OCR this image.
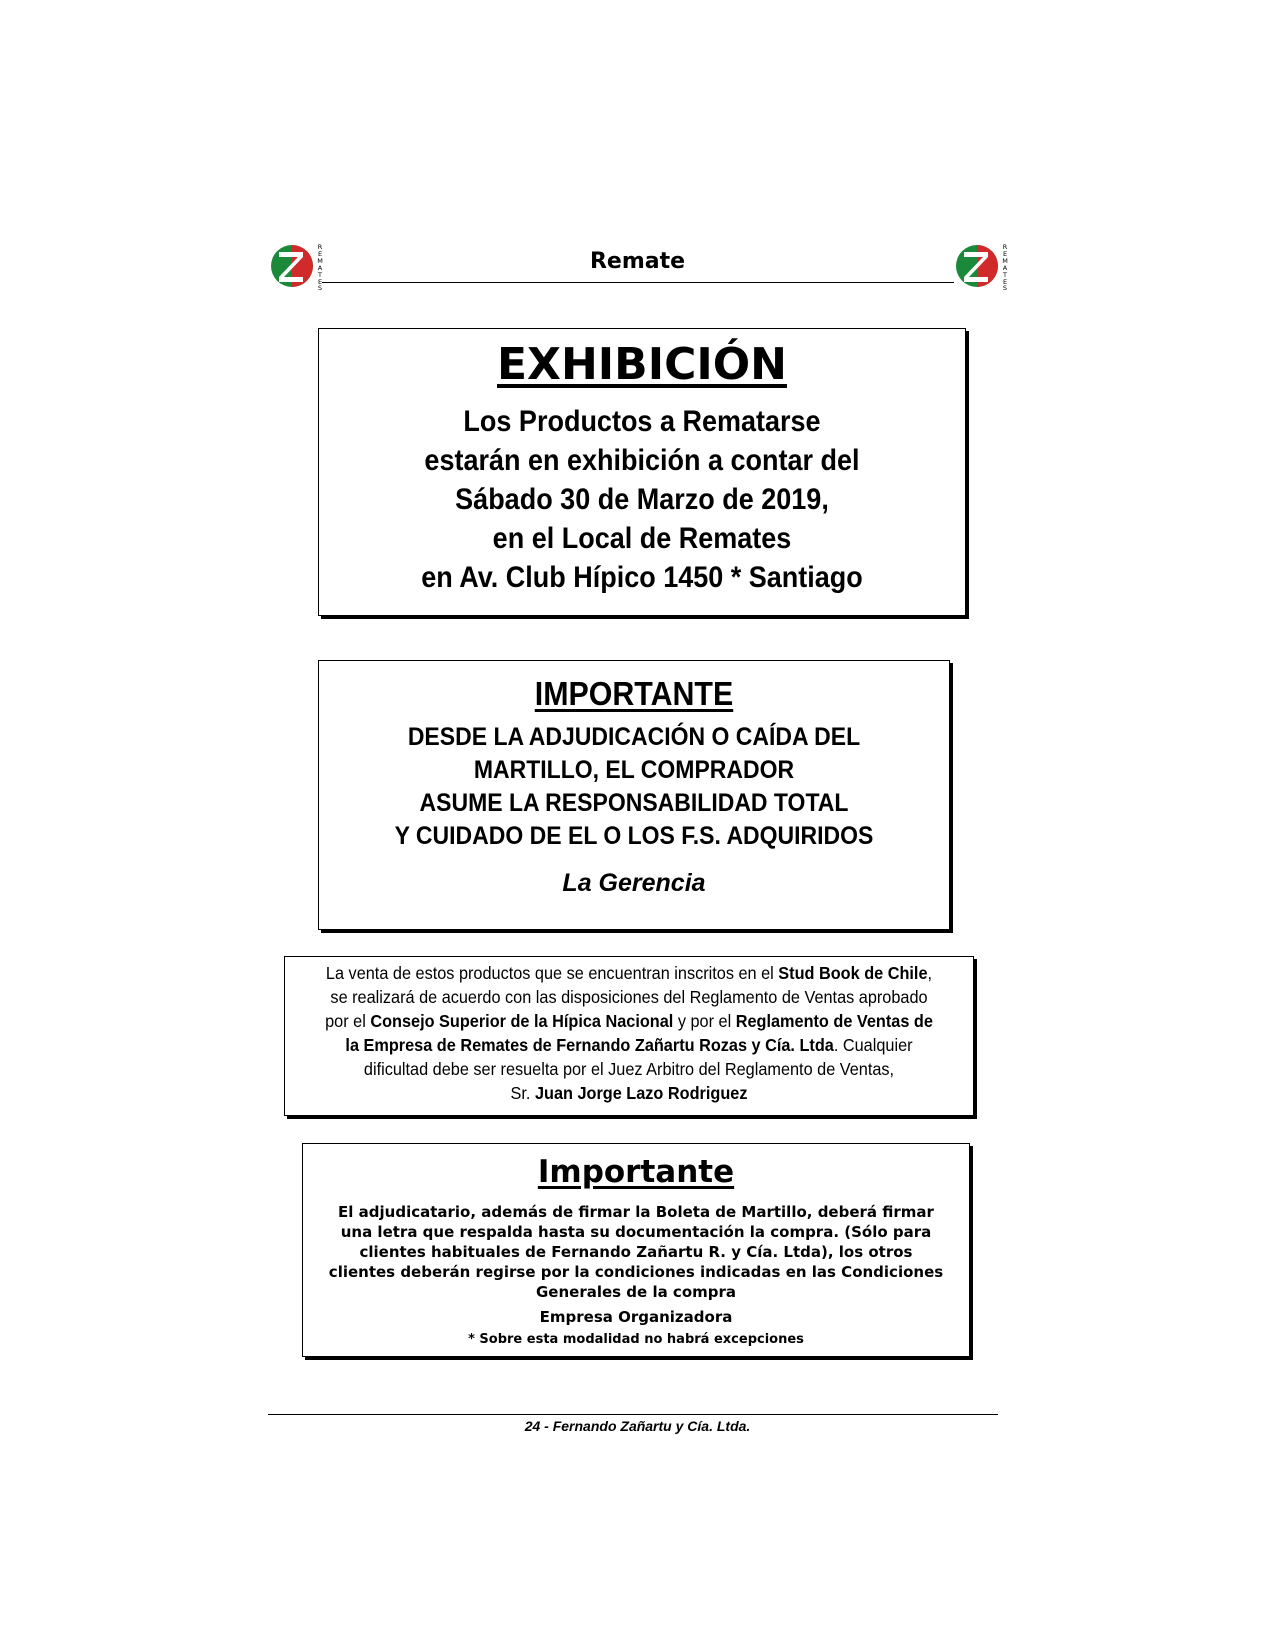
R
E
M
A
T
E
S
Remate
R
E
M
A
T
E
S
EXHIBICIÓN
Los Productos a Rematarse
estarán en exhibición a contar del
Sábado 30 de Marzo de 2019,
en el Local de Remates
en Av. Club Hípico 1450 * Santiago
IMPORTANTE
DESDE LA ADJUDICACIÓN O CAÍDA DEL
MARTILLO, EL COMPRADOR
ASUME LA RESPONSABILIDAD TOTAL
Y CUIDADO DE EL O LOS F.S. ADQUIRIDOS
La Gerencia
La venta de estos productos que se encuentran inscritos en el Stud Book de Chile, se realizará de acuerdo con las disposiciones del Reglamento de Ventas aprobado por el Consejo Superior de la Hípica Nacional y por el Reglamento de Ventas de la Empresa de Remates de Fernando Zañartu Rozas y Cía. Ltda. Cualquier dificultad debe ser resuelta por el Juez Arbitro del Reglamento de Ventas,
Sr. Juan Jorge Lazo Rodriguez
Importante
El adjudicatario, además de firmar la Boleta de Martillo, deberá firmar una letra que respalda hasta su documentación la compra. (Sólo para clientes habituales de Fernando Zañartu R. y Cía. Ltda), los otros clientes deberán regirse por la condiciones indicadas en las Condiciones Generales de la compra
Empresa Organizadora
* Sobre esta modalidad no habrá excepciones
24 - Fernando Zañartu y Cía. Ltda.
